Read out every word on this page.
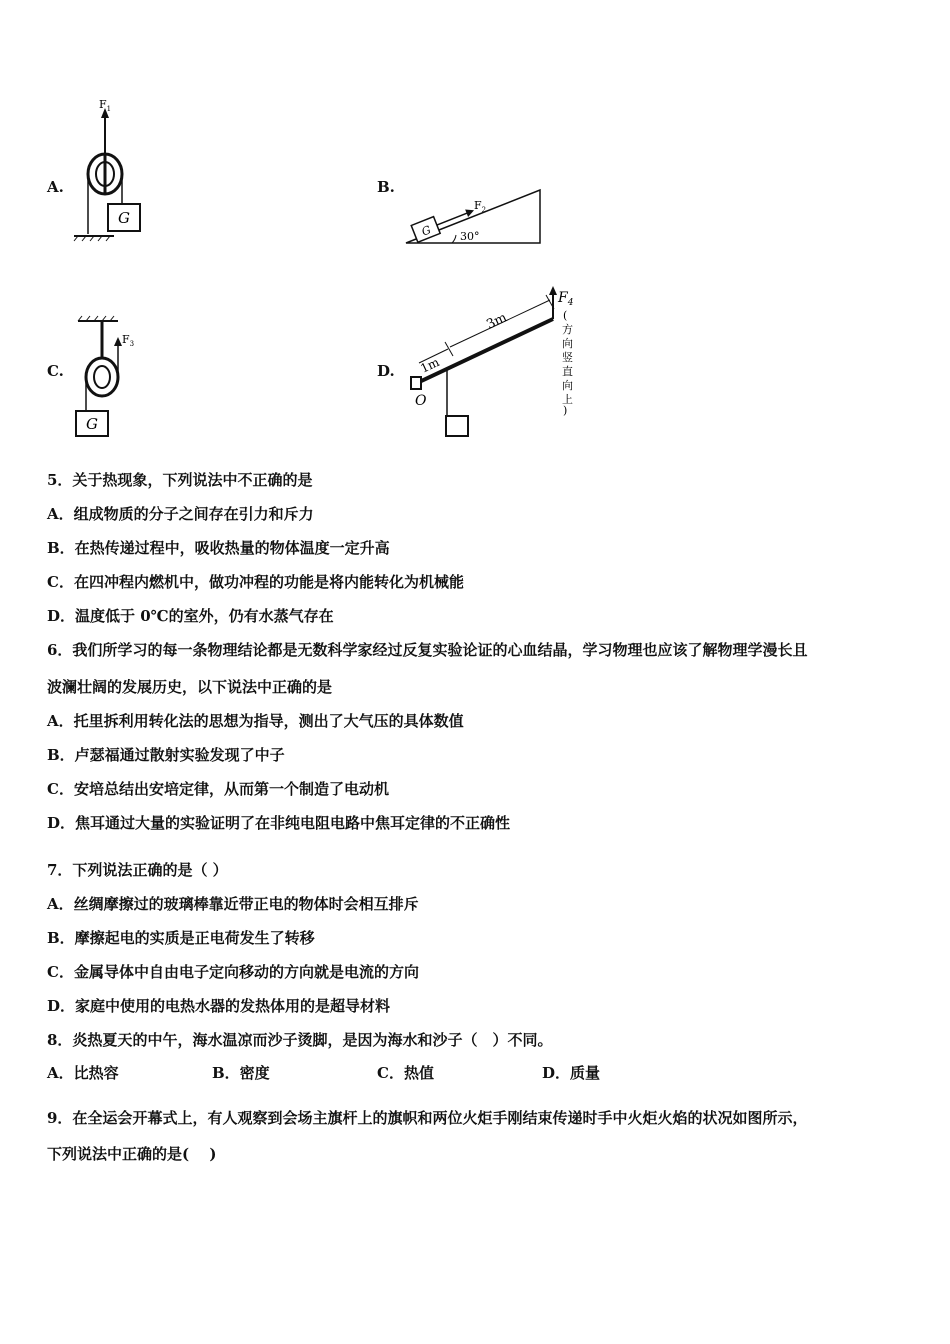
A.
$F_1$
G
B.
G
$F_2$
30°
C.
$F_3$
G
D.
O
$F_4$
(
方
向
竖
直
向
上
)
3m
1m
5．关于热现象，下列说法中不正确的是
A．组成物质的分子之间存在引力和斥力
B．在热传递过程中，吸收热量的物体温度一定升高
C．在四冲程内燃机中，做功冲程的功能是将内能转化为机械能
D．温度低于 0℃的室外，仍有水蒸气存在
6．我们所学习的每一条物理结论都是无数科学家经过反复实验论证的心血结晶，学习物理也应该了解物理学漫长且
波澜壮阔的发展历史，以下说法中正确的是
A．托里拆利用转化法的思想为指导，测出了大气压的具体数值
B．卢瑟福通过散射实验发现了中子
C．安培总结出安培定律，从而第一个制造了电动机
D．焦耳通过大量的实验证明了在非纯电阻电路中焦耳定律的不正确性
7．下列说法正确的是（ ）
A．丝绸摩擦过的玻璃棒靠近带正电的物体时会相互排斥
B．摩擦起电的实质是正电荷发生了转移
C．金属导体中自由电子定向移动的方向就是电流的方向
D．家庭中使用的电热水器的发热体用的是超导材料
8．炎热夏天的中午，海水温凉而沙子烫脚，是因为海水和沙子（　）不同。
A．比热容	B．密度	C．热值	D．质量
9．在全运会开幕式上，有人观察到会场主旗杆上的旗帜和两位火炬手刚结束传递时手中火炬火焰的状况如图所示，
下列说法中正确的是(　 )
